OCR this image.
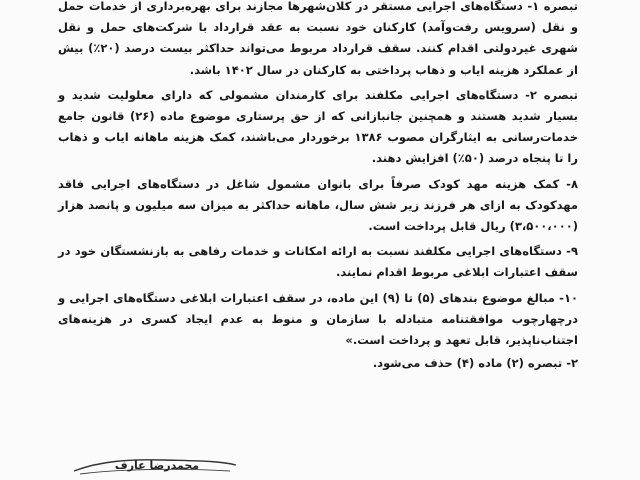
تبصره ۱- دستگاه‌های اجرایی مستقر در کلان‌شهرها مجازند برای بهره‌برداری از خدمات حمل و نقل (سرویس رفت‌وآمد) کارکنان خود نسبت به عقد قرارداد با شرکت‌های حمل و نقل شهری غیردولتی اقدام کنند. سقف قرارداد مربوط می‌تواند حداکثر بیست درصد (۲۰٪) بیش از عملکرد هزینه ایاب و ذهاب پرداختی به کارکنان در سال ۱۴۰۲ باشد.

تبصره ۲- دستگاه‌های اجرایی مکلفند برای کارمندان مشمولی که دارای معلولیت شدید و بسیار شدید هستند و همچنین جانبازانی که از حق پرستاری موضوع ماده (۲۶) قانون جامع خدمات‌رسانی به ایثارگران مصوب ۱۳۸۶ برخوردار می‌باشند، کمک هزینه ماهانه ایاب و ذهاب را تا پنجاه درصد (۵۰٪) افزایش دهند.

۸- کمک هزینه مهد کودک صرفاً برای بانوان مشمول شاغل در دستگاه‌های اجرایی فاقد مهدکودک به ازای هر فرزند زیر شش سال، ماهانه حداکثر به میزان سه میلیون و پانصد هزار (۳،۵۰۰،۰۰۰) ریال قابل پرداخت است.

۹- دستگاه‌های اجرایی مکلفند نسبت به ارائه امکانات و خدمات رفاهی به بازنشستگان خود در سقف اعتبارات ابلاغی مربوط اقدام نمایند.

۱۰- مبالغ موضوع بندهای (۵) تا (۹) این ماده، در سقف اعتبارات ابلاغی دستگاه‌های اجرایی و درچهارچوب موافقتنامه متبادله با سازمان و منوط به عدم ایجاد کسری در هزینه‌های اجتناب‌ناپذیر، قابل تعهد و پرداخت است.»

۲- تبصره (۲) ماده (۴) حذف می‌شود.

محمدرضا عارف
